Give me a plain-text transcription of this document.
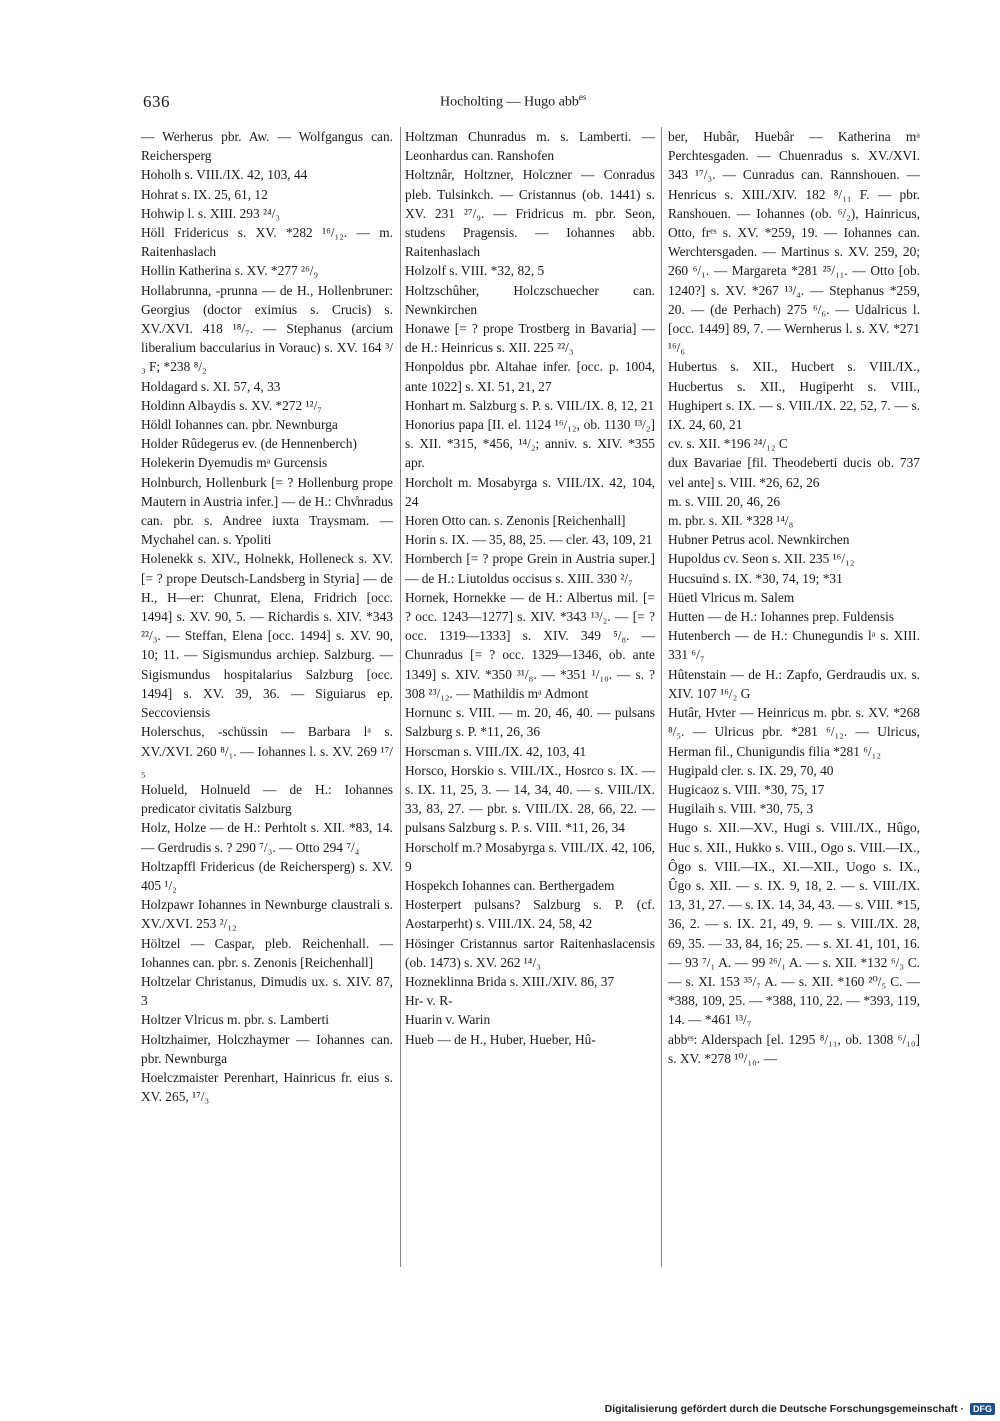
636	Hocholting — Hugo abb$^{es}$

— Werherus pbr. Aw. — Wolfgangus can. Reichersperg

Hoholh s. VIII./IX. 42, 103, 44

Hohrat s. IX. 25, 61, 12

Hohwip l. s. XIII. 293 ²⁴/₃

Höll Fridericus s. XV. *282 ¹⁶/₁₂. — m. Raitenhaslach

Hollin Katherina s. XV. *277 ²⁶/₉

Hollabrunna, -prunna — de H., Hollenbruner: Georgius (doctor eximius s. Crucis) s. XV./XVI. 418 ¹⁸/₇. — Stephanus (arcium liberalium baccularius in Vorauc) s. XV. 164 ³/₃ F; *238 ⁸/₂

Holdagard s. XI. 57, 4, 33

Holdinn Albaydis s. XV. *272 ¹²/₇

Höldl Iohannes can. pbr. Newnburga

Holder Rûdegerus ev. (de Hennenberch)

Holekerin Dyemudis mᵃ Gurcensis

Holnburch, Hollenburk [= ? Hollenburg prope Mautern in Austria infer.] — de H.: Chv̊nradus can. pbr. s. Andree iuxta Traysmam. — Mychahel can. s. Ypoliti

Holenekk s. XIV., Holnekk, Holleneck s. XV. [= ? prope Deutsch-Landsberg in Styria] — de H., H—er: Chunrat, Elena, Fridrich [occ. 1494] s. XV. 90, 5. — Richardis s. XIV. *343 ²²/₃. — Steffan, Elena [occ. 1494] s. XV. 90, 10; 11. — Sigismundus archiep. Salzburg. — Sigismundus hospitalarius Salzburg [occ. 1494] s. XV. 39, 36. — Siguiarus ep. Seccoviensis

Holerschus, -schüssin — Barbara lᵃ s. XV./XVI. 260 ⁸/₁. — Iohannes l. s. XV. 269 ¹⁷/₅

Holueld, Holnueld — de H.: Iohannes predicator civitatis Salzburg

Holz, Holze — de H.: Perhtolt s. XII. *83, 14. — Gerdrudis s. ? 290 ⁷/₃. — Otto 294 ⁷/₄

Holtzapffl Fridericus (de Reichersperg) s. XV. 405 ¹/₂

Holzpawr Iohannes in Newnburge claustrali s. XV./XVI. 253 ²/₁₂

Höltzel — Caspar, pleb. Reichenhall. — Iohannes can. pbr. s. Zenonis [Reichenhall]

Holtzelar Christanus, Dimudis ux. s. XIV. 87, 3

Holtzer Vlricus m. pbr. s. Lamberti

Holtzhaimer, Holczhaymer — Iohannes can. pbr. Newnburga

Hoelczmaister Perenhart, Hainricus fr. eius s. XV. 265, ¹⁷/₃

Holtzman Chunradus m. s. Lamberti. — Leonhardus can. Ranshofen

Holtznâr, Holtzner, Holczner — Conradus pleb. Tulsinkch. — Cristannus (ob. 1441) s. XV. 231 ²⁷/₉. — Fridricus m. pbr. Seon, studens Pragensis. — Iohannes abb. Raitenhaslach

Holzolf s. VIII. *32, 82, 5

Holtzschûher, Holczschuecher can. Newnkirchen

Honawe [= ? prope Trostberg in Bavaria] — de H.: Heinricus s. XII. 225 ²²/₃

Honpoldus pbr. Altahae infer. [occ. p. 1004, ante 1022] s. XI. 51, 21, 27

Honhart m. Salzburg s. P. s. VIII./IX. 8, 12, 21

Honorius papa [II. el. 1124 ¹⁶/₁₂, ob. 1130 ¹³/₂] s. XII. *315, *456, ¹⁴/₂; anniv. s. XIV. *355 apr.

Horcholt m. Mosabyrga s. VIII./IX. 42, 104, 24

Horen Otto can. s. Zenonis [Reichenhall]

Horin s. IX. — 35, 88, 25. — cler. 43, 109, 21

Hornberch [= ? prope Grein in Austria super.] — de H.: Liutoldus occisus s. XIII. 330 ²/₇

Hornek, Hornekke — de H.: Albertus mil. [= ? occ. 1243—1277] s. XIV. *343 ¹³/₂. — [= ? occ. 1319—1333] s. XIV. 349 ⁵/₈. — Chunradus [= ? occ. 1329—1346, ob. ante 1349] s. XIV. *350 ³¹/₈. — *351 ¹/₁₀. — s. ? 308 ²³/₁₂. — Mathildis mᵃ Admont

Hornunc s. VIII. — m. 20, 46, 40. — pulsans Salzburg s. P. *11, 26, 36

Horscman s. VIII./IX. 42, 103, 41

Horsco, Horskio s. VIII./IX., Hosrco s. IX. — s. IX. 11, 25, 3. — 14, 34, 40. — s. VIII./IX. 33, 83, 27. — pbr. s. VIII./IX. 28, 66, 22. — pulsans Salzburg s. P. s. VIII. *11, 26, 34

Horscholf m.? Mosabyrga s. VIII./IX. 42, 106, 9

Hospekch Iohannes can. Berthergadem

Hosterpert pulsans? Salzburg s. P. (cf. Aostarperht) s. VIII./IX. 24, 58, 42

Hösinger Cristannus sartor Raitenhaslacensis (ob. 1473) s. XV. 262 ¹⁴/₃

Hozneklinna Brida s. XIII./XIV. 86, 37

Hr- v. R-

Huarin v. Warin

Hueb — de H., Huber, Hueber, Hû-

ber, Hubâr, Huebâr — Katherina mᵃ Perchtesgaden. — Chuenradus s. XV./XVI. 343 ¹⁷/₃. — Cunradus can. Rannshouen. — Henricus s. XIII./XIV. 182 ⁸/₁₁ F. — pbr. Ranshouen. — Iohannes (ob. ⁶/₂), Hainricus, Otto, frᵉˢ s. XV. *259, 19. — Iohannes can. Werchtersgaden. — Martinus s. XV. 259, 20; 260 ⁶/₁. — Margareta *281 ²⁵/₁₁. — Otto [ob. 1240?] s. XV. *267 ¹³/₄. — Stephanus *259, 20. — (de Perhach) 275 ⁶/₆. — Udalricus l. [occ. 1449] 89, 7. — Wernherus l. s. XV. *271 ¹⁶/₆

Hubertus s. XII., Hucbert s. VIII./IX., Hucbertus s. XII., Hugiperht s. VIII., Hughipert s. IX. — s. VIII./IX. 22, 52, 7. — s. IX. 24, 60, 21

cv. s. XII. *196 ²⁴/₁₂ C

dux Bavariae [fil. Theodeberti ducis ob. 737 vel ante] s. VIII. *26, 62, 26

m. s. VIII. 20, 46, 26

m. pbr. s. XII. *328 ¹⁴/₈

Hubner Petrus acol. Newnkirchen

Hupoldus cv. Seon s. XII. 235 ¹⁶/₁₂

Hucsuind s. IX. *30, 74, 19; *31

Hüetl Vlricus m. Salem

Hutten — de H.: Iohannes prep. Fuldensis

Hutenberch — de H.: Chunegundis lᵃ s. XIII. 331 ⁶/₇

Hûtenstain — de H.: Zapfo, Gerdraudis ux. s. XIV. 107 ¹⁶/₂ G

Hutâr, Hvter — Heinricus m. pbr. s. XV. *268 ⁸/₅. — Ulricus pbr. *281 ⁶/₁₂. — Ulricus, Herman fil., Chunigundis filia *281 ⁶/₁₂

Hugipald cler. s. IX. 29, 70, 40

Hugicaoz s. VIII. *30, 75, 17

Hugilaih s. VIII. *30, 75, 3

Hugo s. XII.—XV., Hugi s. VIII./IX., Hûgo, Huc s. XII., Hukko s. VIII., Ogo s. VIII.—IX., Ôgo s. VIII.—IX., XI.—XII., Uogo s. IX., Ûgo s. XII. — s. IX. 9, 18, 2. — s. VIII./IX. 13, 31, 27. — s. IX. 14, 34, 43. — s. VIII. *15, 36, 2. — s. IX. 21, 49, 9. — s. VIII./IX. 28, 69, 35. — 33, 84, 16; 25. — s. XI. 41, 101, 16. — 93 ⁷/₁ A. — 99 ²⁶/₁ A. — s. XII. *132 ⁶/₃ C. — s. XI. 153 ³⁵/₇ A. — s. XII. *160 ²⁰/₅ C. — *388, 109, 25. — *388, 110, 22. — *393, 119, 14. — *461 ¹³/₇

abbᵉˢ: Alderspach [el. 1295 ⁸/₁₁, ob. 1308 ⁶/₁₀] s. XV. *278 ¹⁰/₁₀. —

Digitalisierung gefördert durch die Deutsche Forschungsgemeinschaft ·	DFG
